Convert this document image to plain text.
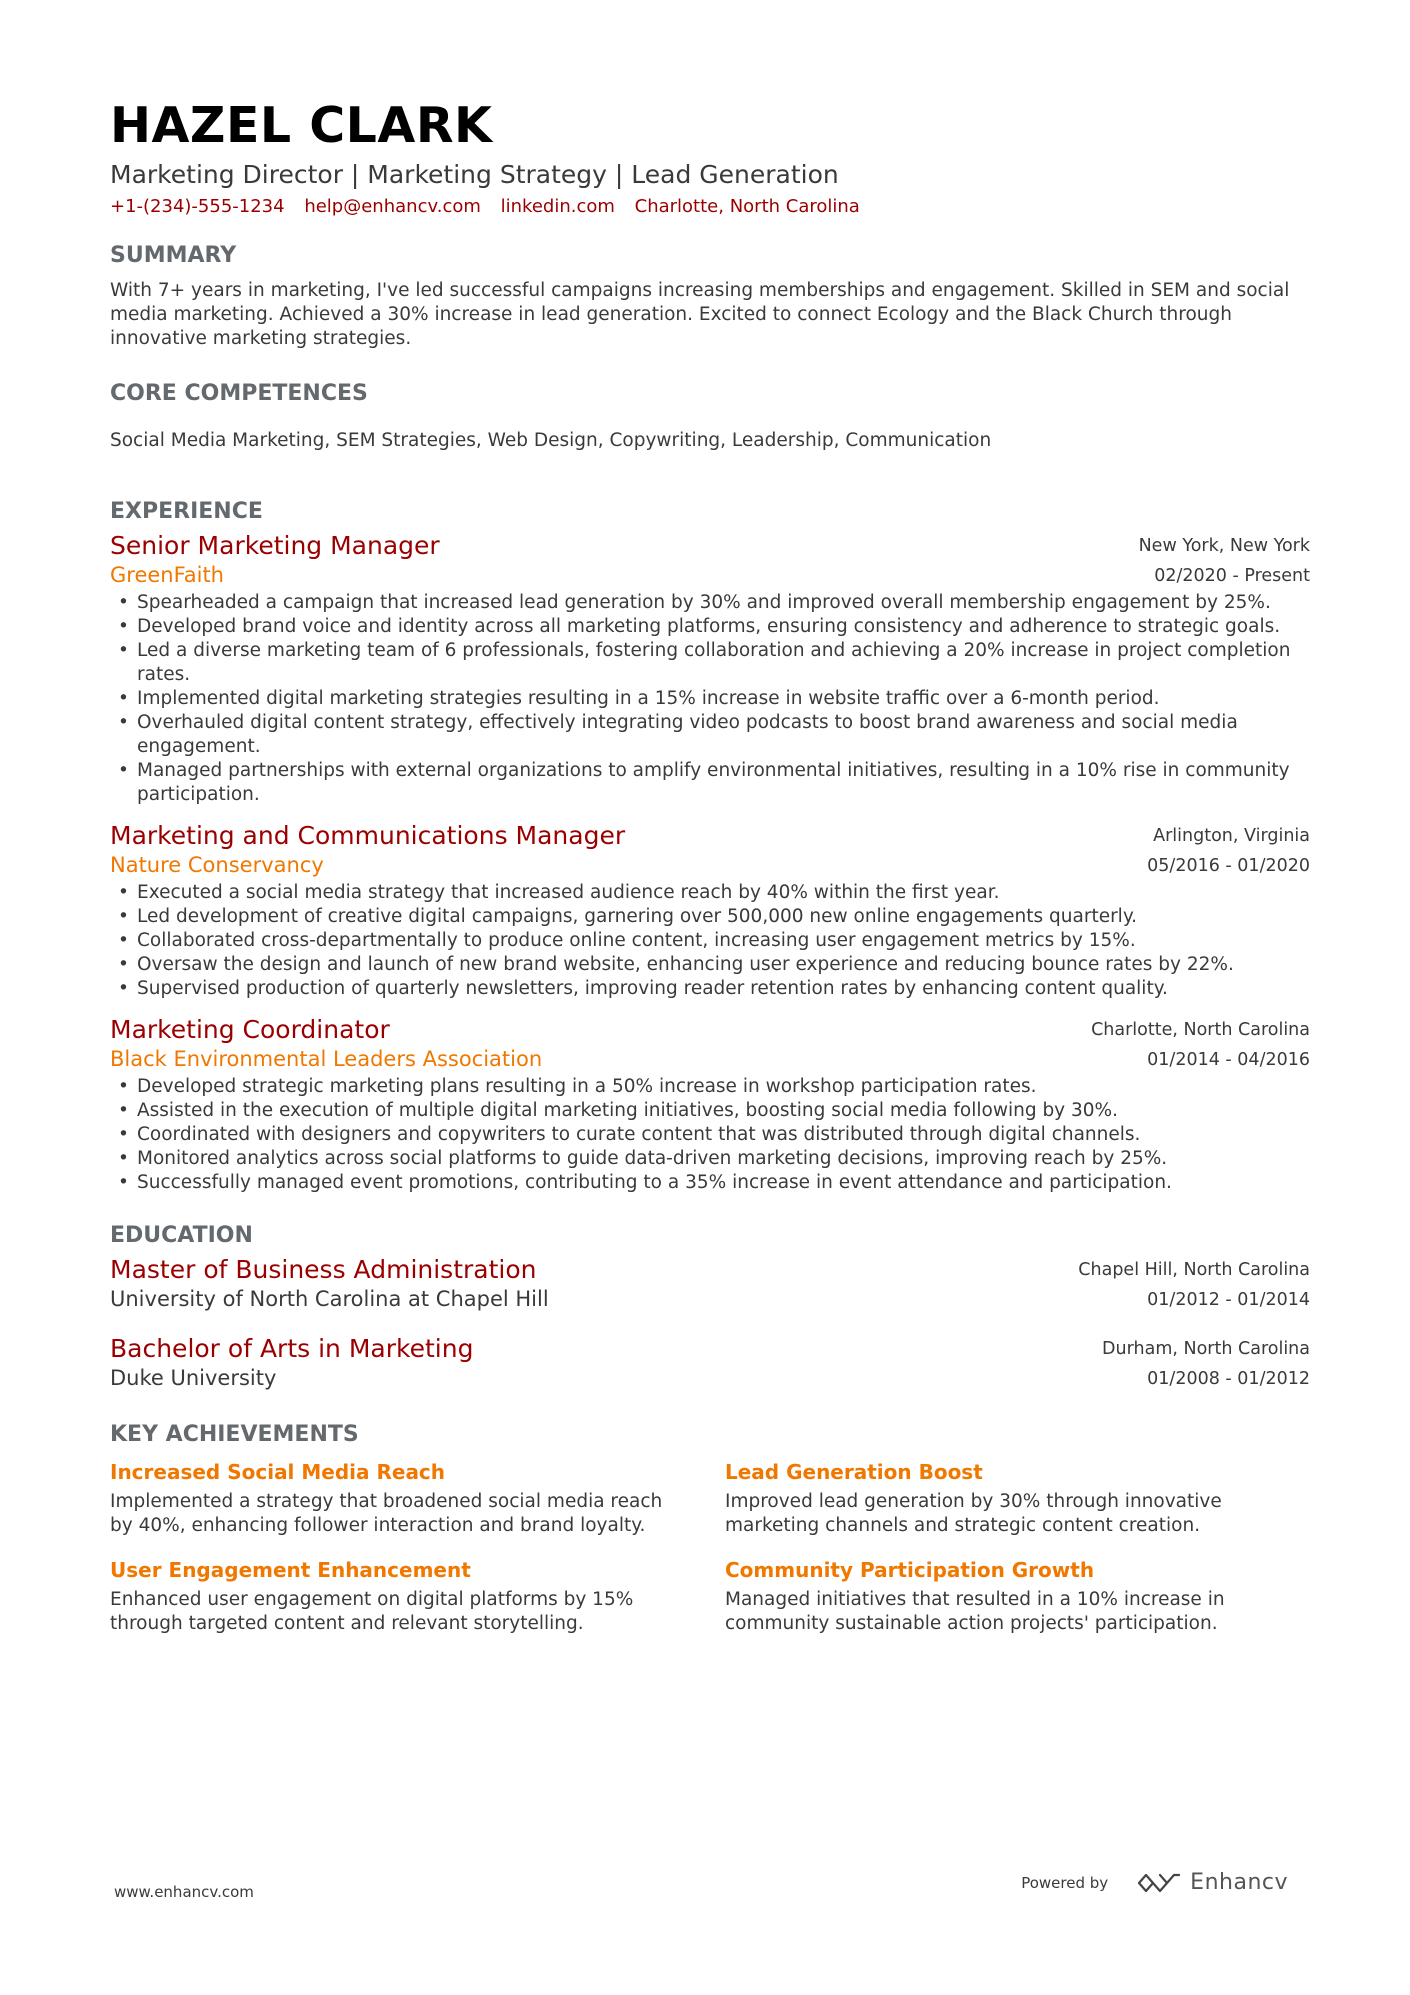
HAZEL CLARK
Marketing Director | Marketing Strategy | Lead Generation
+1-(234)-555-1234 help@enhancv.com linkedin.com Charlotte, North Carolina
SUMMARY
With 7+ years in marketing, I've led successful campaigns increasing memberships and engagement. Skilled in SEM and social media marketing. Achieved a 30% increase in lead generation. Excited to connect Ecology and the Black Church through innovative marketing strategies.
CORE COMPETENCES
Social Media Marketing, SEM Strategies, Web Design, Copywriting, Leadership, Communication
EXPERIENCE
Senior Marketing Manager
GreenFaith
New York, New York
02/2020 - Present
• Spearheaded a campaign that increased lead generation by 30% and improved overall membership engagement by 25%.
• Developed brand voice and identity across all marketing platforms, ensuring consistency and adherence to strategic goals.
• Led a diverse marketing team of 6 professionals, fostering collaboration and achieving a 20% increase in project completion rates.
• Implemented digital marketing strategies resulting in a 15% increase in website traffic over a 6-month period.
• Overhauled digital content strategy, effectively integrating video podcasts to boost brand awareness and social media engagement.
• Managed partnerships with external organizations to amplify environmental initiatives, resulting in a 10% rise in community participation.
Marketing and Communications Manager
Nature Conservancy
Arlington, Virginia
05/2016 - 01/2020
• Executed a social media strategy that increased audience reach by 40% within the first year.
• Led development of creative digital campaigns, garnering over 500,000 new online engagements quarterly.
• Collaborated cross-departmentally to produce online content, increasing user engagement metrics by 15%.
• Oversaw the design and launch of new brand website, enhancing user experience and reducing bounce rates by 22%.
• Supervised production of quarterly newsletters, improving reader retention rates by enhancing content quality.
Marketing Coordinator
Black Environmental Leaders Association
Charlotte, North Carolina
01/2014 - 04/2016
• Developed strategic marketing plans resulting in a 50% increase in workshop participation rates.
• Assisted in the execution of multiple digital marketing initiatives, boosting social media following by 30%.
• Coordinated with designers and copywriters to curate content that was distributed through digital channels.
• Monitored analytics across social platforms to guide data-driven marketing decisions, improving reach by 25%.
• Successfully managed event promotions, contributing to a 35% increase in event attendance and participation.
EDUCATION
Master of Business Administration
University of North Carolina at Chapel Hill
Chapel Hill, North Carolina
01/2012 - 01/2014
Bachelor of Arts in Marketing
Duke University
Durham, North Carolina
01/2008 - 01/2012
KEY ACHIEVEMENTS
Increased Social Media Reach
Implemented a strategy that broadened social media reach by 40%, enhancing follower interaction and brand loyalty.
Lead Generation Boost
Improved lead generation by 30% through innovative marketing channels and strategic content creation.
User Engagement Enhancement
Enhanced user engagement on digital platforms by 15% through targeted content and relevant storytelling.
Community Participation Growth
Managed initiatives that resulted in a 10% increase in community sustainable action projects' participation.
www.enhancv.com
Powered by	Enhancv
